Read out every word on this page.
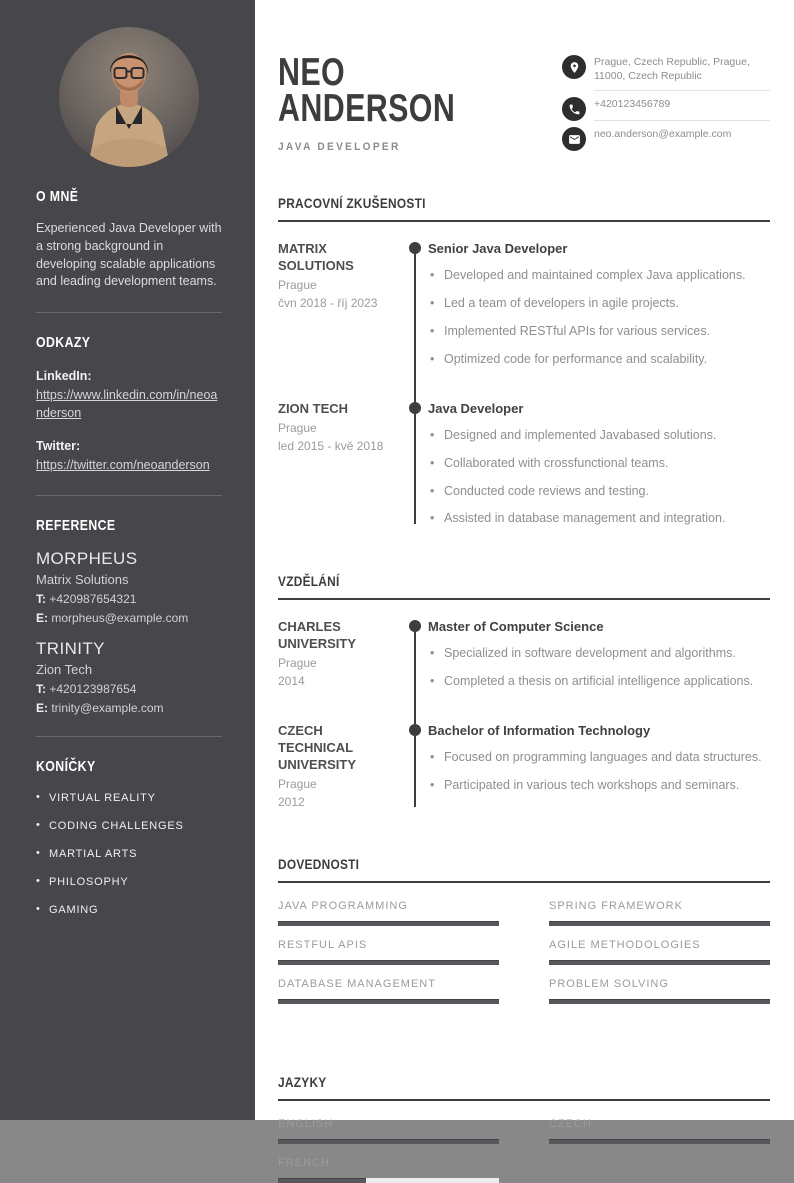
O MNĚ

Experienced Java Developer with a strong background in developing scalable applications and leading development teams.

ODKAZY
LinkedIn:
https://www.linkedin.com/in/neoanderson
Twitter:
https://twitter.com/neoanderson
REFERENCE
MORPHEUS
Matrix Solutions
T: +420987654321
E: morpheus@example.com
TRINITY
Zion Tech
T: +420123987654
E: trinity@example.com
KONÍČKY
• VIRTUAL REALITY
• CODING CHALLENGES
• MARTIAL ARTS
• PHILOSOPHY
• GAMING
NEO
ANDERSON
JAVA DEVELOPER
Prague, Czech Republic, Prague, 11000, Czech Republic
+420123456789
neo.anderson@example.com
PRACOVNÍ ZKUŠENOSTI
MATRIX SOLUTIONS
Prague
čvn 2018 - říj 2023
Senior Java Developer
• Developed and maintained complex Java applications.
• Led a team of developers in agile projects.
• Implemented RESTful APIs for various services.
• Optimized code for performance and scalability.
ZION TECH
Prague
led 2015 - kvě 2018
Java Developer
• Designed and implemented Javabased solutions.
• Collaborated with crossfunctional teams.
• Conducted code reviews and testing.
• Assisted in database management and integration.
VZDĚLÁNÍ
CHARLES UNIVERSITY
Prague
2014
Master of Computer Science
• Specialized in software development and algorithms.
• Completed a thesis on artificial intelligence applications.
CZECH TECHNICAL UNIVERSITY
Prague
2012
Bachelor of Information Technology
• Focused on programming languages and data structures.
• Participated in various tech workshops and seminars.
DOVEDNOSTI
JAVA PROGRAMMING	SPRING FRAMEWORK
RESTFUL APIS	AGILE METHODOLOGIES
DATABASE MANAGEMENT	PROBLEM SOLVING
JAZYKY
ENGLISH	CZECH
FRENCH
